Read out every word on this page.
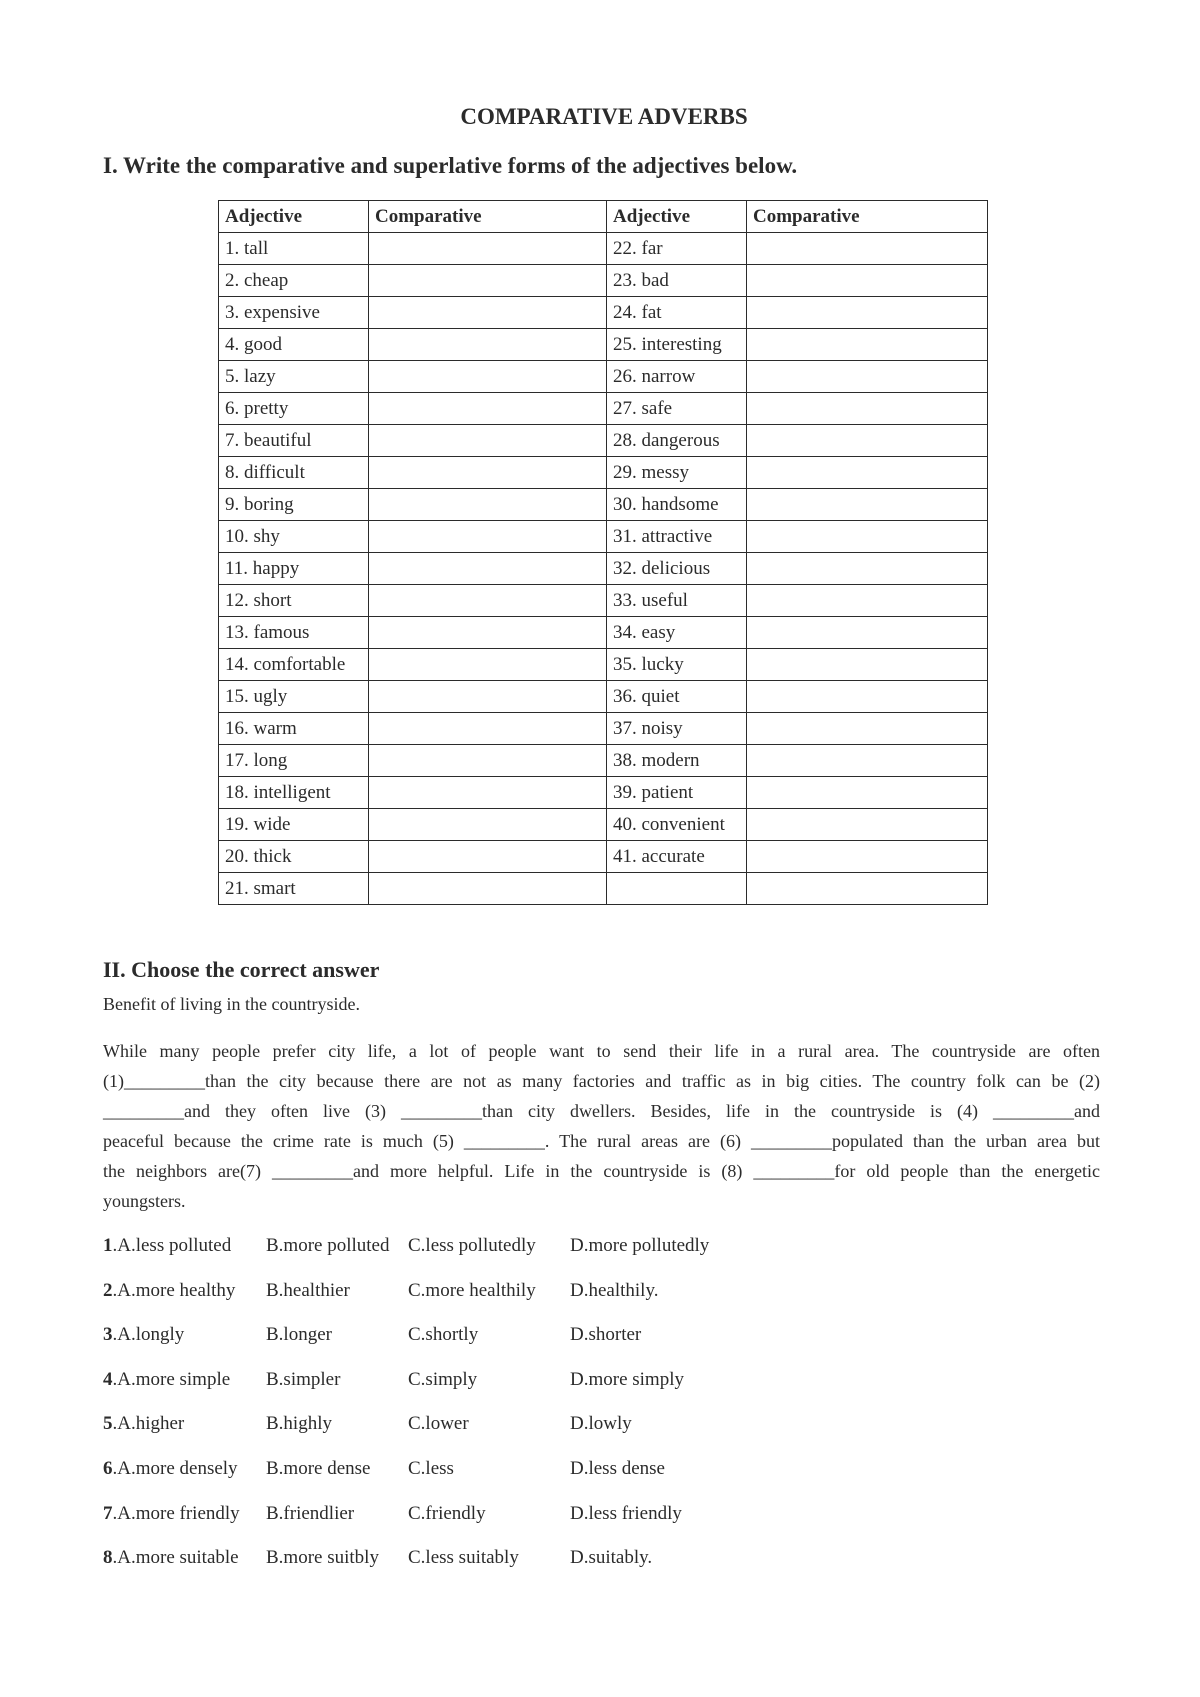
COMPARATIVE ADVERBS
I. Write the comparative and superlative forms of the adjectives below.
Adjective	Comparative	Adjective	Comparative
1. tall		22. far	
2. cheap		23. bad	
3. expensive		24. fat	
4. good		25. interesting	
5. lazy		26. narrow	
6. pretty		27. safe	
7. beautiful		28. dangerous	
8. difficult		29. messy	
9. boring		30. handsome	
10. shy		31. attractive	
11. happy		32. delicious	
12. short		33. useful	
13. famous		34. easy	
14. comfortable		35. lucky	
15. ugly		36. quiet	
16. warm		37. noisy	
17. long		38. modern	
18. intelligent		39. patient	
19. wide		40. convenient	
20. thick		41. accurate	
21. smart			
II. Choose the correct answer

Benefit of living in the countryside.

While many people prefer city life, a lot of people want to send their life in a rural area. The countryside are often
(1)_________than the city because there are not as many factories and traffic as in big cities. The country folk can be (2)
_________and they often live (3) _________than city dwellers. Besides, life in the countryside is (4) _________and
peaceful because the crime rate is much (5) _________. The rural areas are (6) _________populated than the urban area but
the neighbors are(7) _________and more helpful. Life in the countryside is (8) _________for old people than the energetic
youngsters.

1.A.less polluted B.more polluted C.less pollutedly D.more pollutedly
2.A.more healthy B.healthier	C.more healthily D.healthily.
3.A.longly	B.longer	C.shortly	D.shorter
4.A.more simple B.simpler	C.simply	D.more simply
5.A.higher	B.highly	C.lower	D.lowly
6.A.more densely B.more dense C.less	D.less dense
7.A.more friendly B.friendlier	C.friendly	D.less friendly
8.A.more suitable B.more suitbly C.less suitably	D.suitably.
